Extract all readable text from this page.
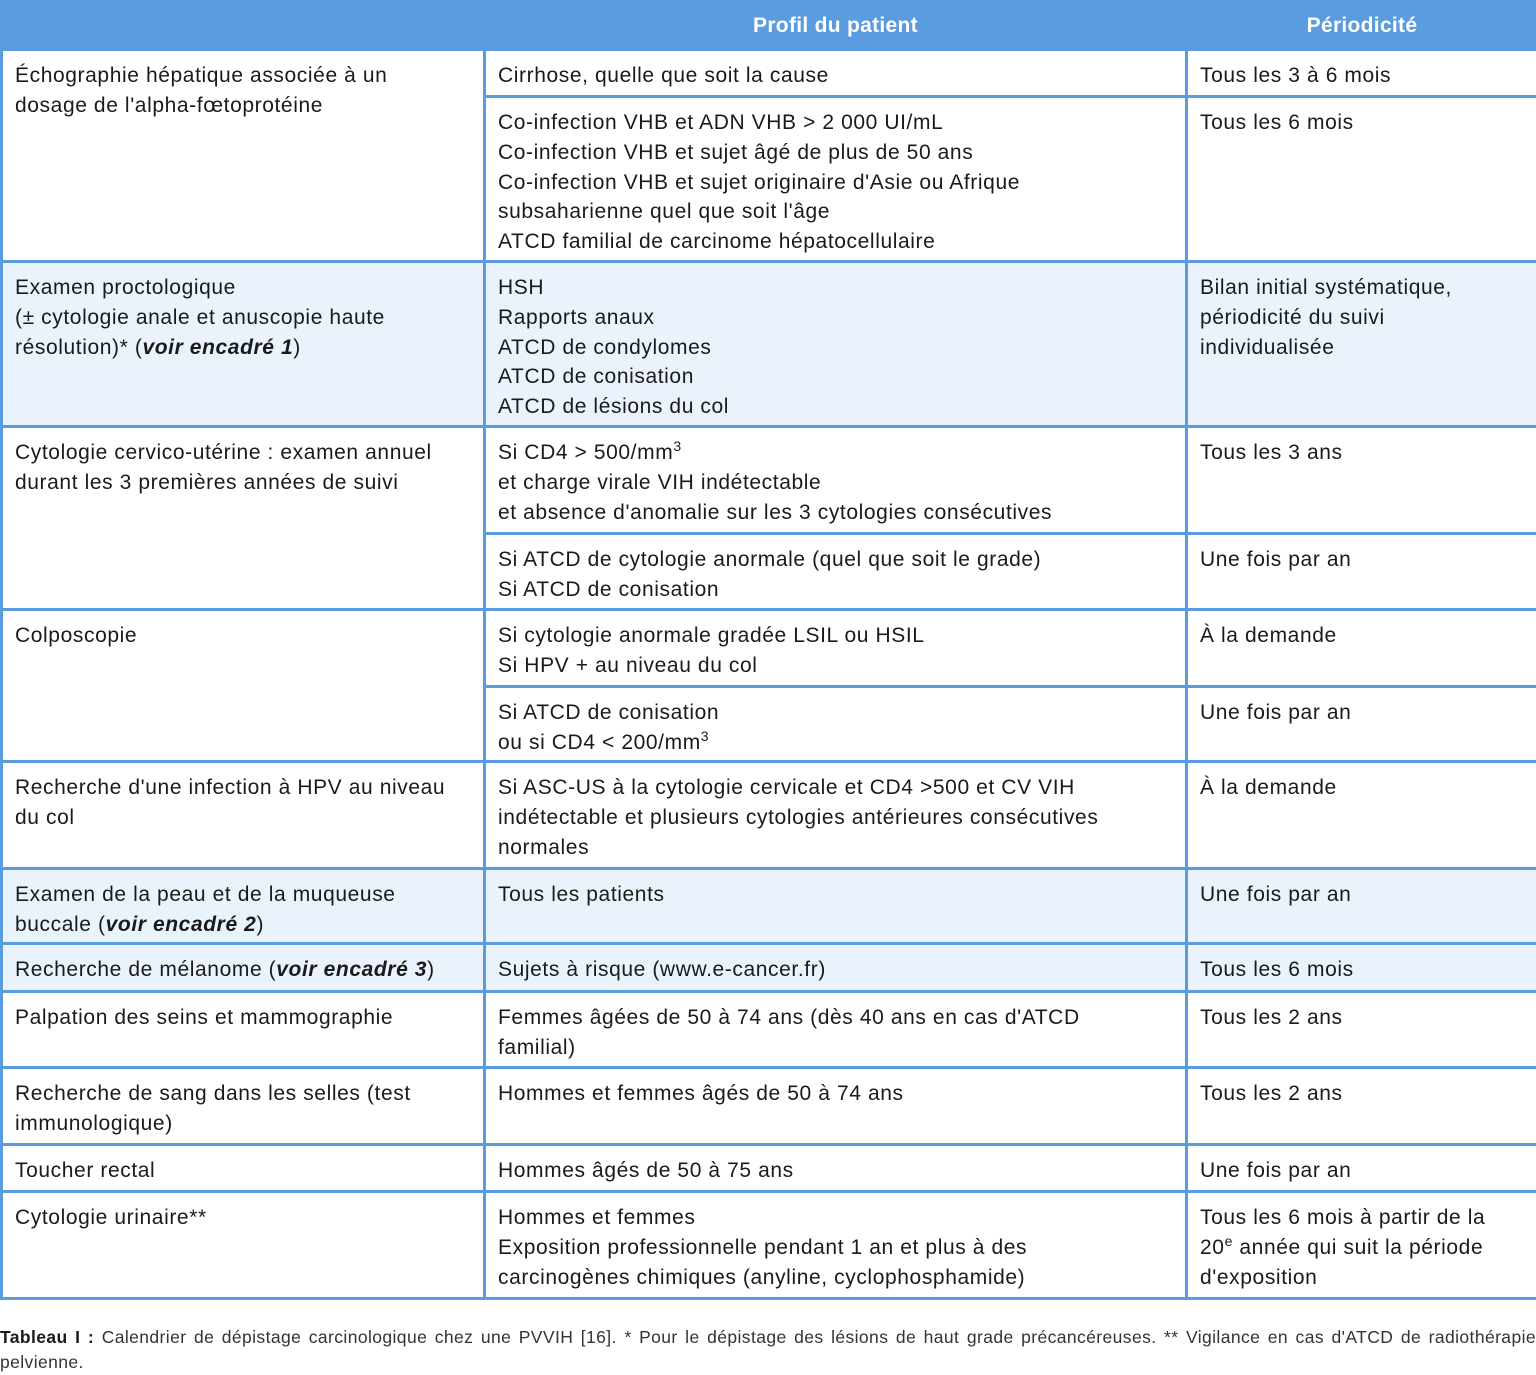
	Profil du patient	Périodicité

Échographie hépatique associée à un
dosage de l'alpha-fœtoprotéine	Cirrhose, quelle que soit la cause	Tous les 3 à 6 mois

	Co-infection VHB et ADN VHB > 2 000 UI/mL
Co-infection VHB et sujet âgé de plus de 50 ans
Co-infection VHB et sujet originaire d'Asie ou Afrique
subsaharienne quel que soit l'âge
ATCD familial de carcinome hépatocellulaire	Tous les 6 mois

Examen proctologique
(± cytologie anale et anuscopie haute
résolution)* (voir encadré 1)	HSH
Rapports anaux
ATCD de condylomes
ATCD de conisation
ATCD de lésions du col	Bilan initial systématique,
périodicité du suivi
individualisée

Cytologie cervico-utérine : examen annuel
durant les 3 premières années de suivi	Si $CD4 > 500/mm^3$
et charge virale VIH indétectable
et absence d'anomalie sur les 3 cytologies consécutives	Tous les 3 ans

	Si ATCD de cytologie anormale (quel que soit le grade)
Si ATCD de conisation	Une fois par an

Colposcopie	Si cytologie anormale gradée LSIL ou HSIL
Si HPV + au niveau du col	À la demande

	Si ATCD de conisation
ou si $CD4 < 200/mm^3$	Une fois par an

Recherche d'une infection à HPV au niveau
du col	Si ASC-US à la cytologie cervicale et CD4 >500 et CV VIH
indétectable et plusieurs cytologies antérieures consécutives
normales	À la demande

Examen de la peau et de la muqueuse
buccale (voir encadré 2)	Tous les patients	Une fois par an

Recherche de mélanome (voir encadré 3)	Sujets à risque (www.e-cancer.fr)	Tous les 6 mois

Palpation des seins et mammographie	Femmes âgées de 50 à 74 ans (dès 40 ans en cas d'ATCD
familial)	Tous les 2 ans

Recherche de sang dans les selles (test
immunologique)	Hommes et femmes âgés de 50 à 74 ans	Tous les 2 ans

Toucher rectal	Hommes âgés de 50 à 75 ans	Une fois par an

Cytologie urinaire**	Hommes et femmes
Exposition professionnelle pendant 1 an et plus à des
carcinogènes chimiques (anyline, cyclophosphamide)	Tous les 6 mois à partir de la
20e année qui suit la période
d'exposition
Tableau I : Calendrier de dépistage carcinologique chez une PVVIH [16]. * Pour le dépistage des lésions de haut grade précancéreuses. ** Vigilance en cas d'ATCD de radiothérapie pelvienne.
